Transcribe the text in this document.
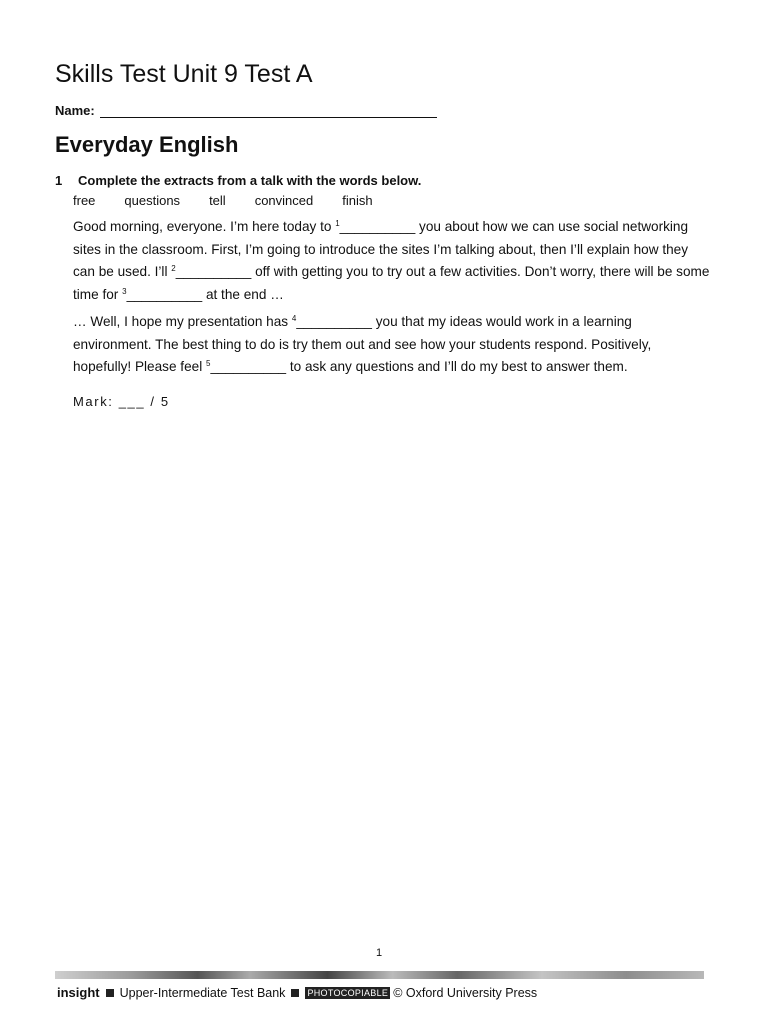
Skills Test Unit 9 Test A
Name:
Everyday English
1 Complete the extracts from a talk with the words below.
free questions tell convinced finish

Good morning, everyone. I’m here today to $^1$__________ you about how we can use social networking sites in the classroom. First, I’m going to introduce the sites I’m talking about, then I’ll explain how they can be used. I’ll $^2$__________ off with getting you to try out a few activities. Don’t worry, there will be some time for $^3$__________ at the end …

… Well, I hope my presentation has $^4$__________ you that my ideas would work in a learning environment. The best thing to do is try them out and see how your students respond. Positively, hopefully! Please feel $^5$__________ to ask any questions and I’ll do my best to answer them.

Mark: ___ / 5
1
insight Upper-Intermediate Test Bank PHOTOCOPIABLE © Oxford University Press
